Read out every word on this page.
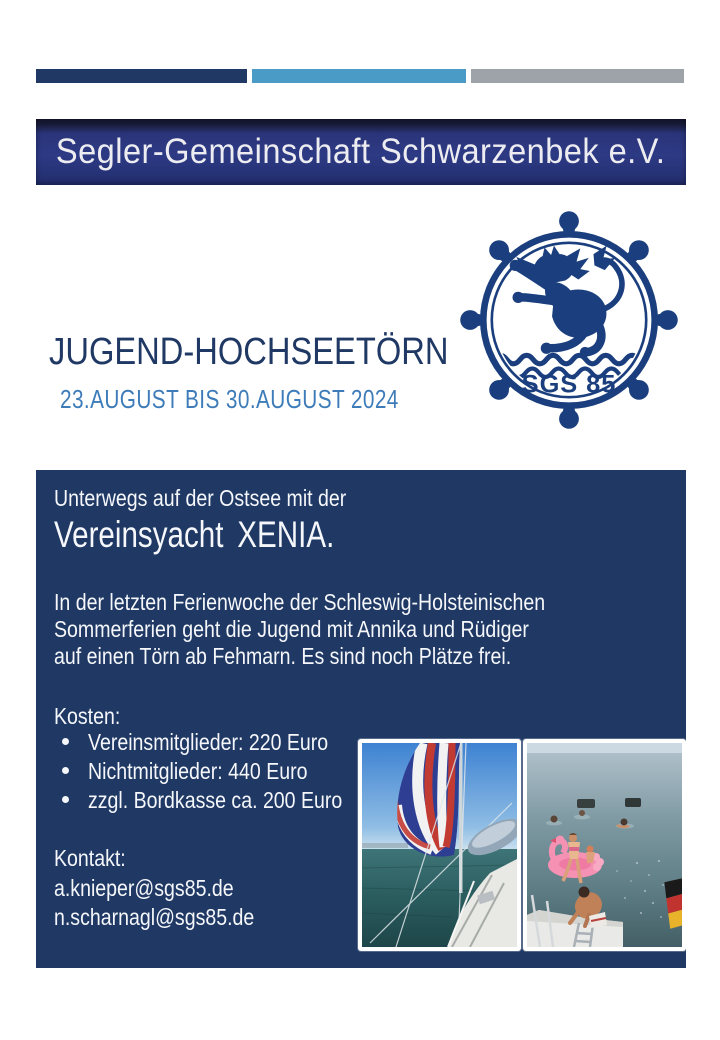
Segler-Gemeinschaft Schwarzenbek e.V.
SGS 85
JUGEND-HOCHSEETÖRN
23.AUGUST BIS 30.AUGUST 2024
Unterwegs auf der Ostsee mit der
Vereinsyacht XENIA.
In der letzten Ferienwoche der Schleswig-Holsteinischen
Sommerferien geht die Jugend mit Annika und Rüdiger
auf einen Törn ab Fehmarn. Es sind noch Plätze frei.
Kosten:
Vereinsmitglieder: 220 Euro
Nichtmitglieder: 440 Euro
zzgl. Bordkasse ca. 200 Euro
Kontakt:
a.knieper@sgs85.de
n.scharnagl@sgs85.de
